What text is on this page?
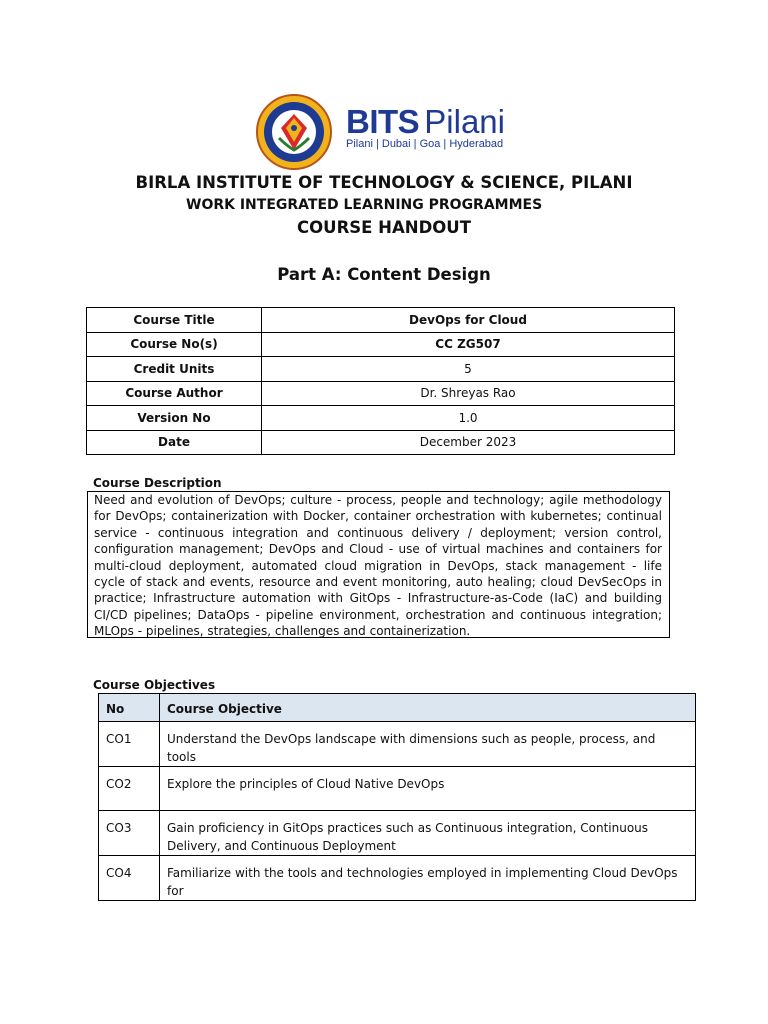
BITS Pilani
Pilani | Dubai | Goa | Hyderabad
BIRLA INSTITUTE OF TECHNOLOGY & SCIENCE, PILANI
WORK INTEGRATED LEARNING PROGRAMMES
COURSE HANDOUT
Part A: Content Design
Course Title	DevOps for Cloud
Course No(s)	CC ZG507
Credit Units	5
Course Author	Dr. Shreyas Rao
Version No	1.0
Date	December 2023
Course Description
Need and evolution of DevOps; culture - process, people and technology; agile methodology for DevOps; containerization with Docker, container orchestration with kubernetes; continual service - continuous integration and continuous delivery / deployment; version control, configuration management; DevOps and Cloud - use of virtual machines and containers for multi-cloud deployment, automated cloud migration in DevOps, stack management - life cycle of stack and events, resource and event monitoring, auto healing; cloud DevSecOps in practice; Infrastructure automation with GitOps - Infrastructure-as-Code (IaC) and building CI/CD pipelines; DataOps - pipeline environment, orchestration and continuous integration; MLOps - pipelines, strategies, challenges and containerization.
Course Objectives
No	Course Objective
CO1	Understand the DevOps landscape with dimensions such as people, process, and tools
CO2	Explore the principles of Cloud Native DevOps
CO3	Gain proficiency in GitOps practices such as Continuous integration, Continuous Delivery, and Continuous Deployment
CO4	Familiarize with the tools and technologies employed in implementing Cloud DevOps for
